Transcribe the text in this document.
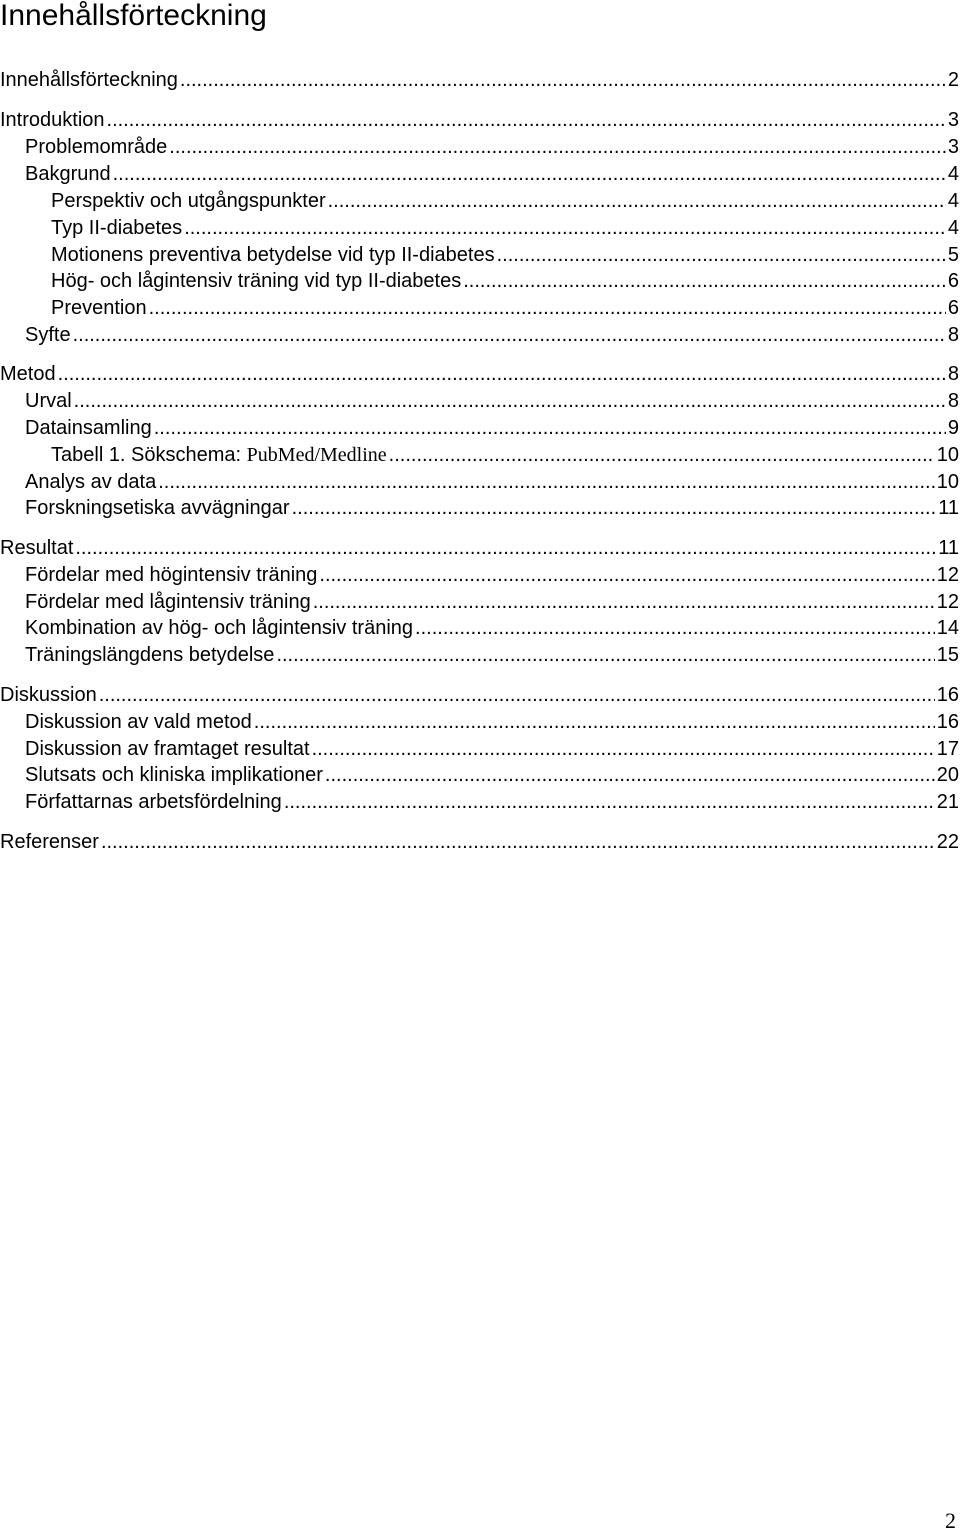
Innehållsförteckning
Innehållsförteckning .....	2
Introduktion .....	3
Problemområde .....	3
Bakgrund .....	4
Perspektiv och utgångspunkter .....	4
Typ II-diabetes .....	4
Motionens preventiva betydelse vid typ II-diabetes .....	5
Hög- och lågintensiv träning vid typ II-diabetes .....	6
Prevention .....	6
Syfte .....	8
Metod .....	8
Urval .....	8
Datainsamling .....	9
Tabell 1. Sökschema: PubMed/Medline .....	10
Analys av data .....	10
Forskningsetiska avvägningar .....	11
Resultat .....	11
Fördelar med högintensiv träning .....	12
Fördelar med lågintensiv träning .....	12
Kombination av hög- och lågintensiv träning .....	14
Träningslängdens betydelse .....	15
Diskussion .....	16
Diskussion av vald metod .....	16
Diskussion av framtaget resultat .....	17
Slutsats och kliniska implikationer .....	20
Författarnas arbetsfördelning .....	21
Referenser .....	22
2
